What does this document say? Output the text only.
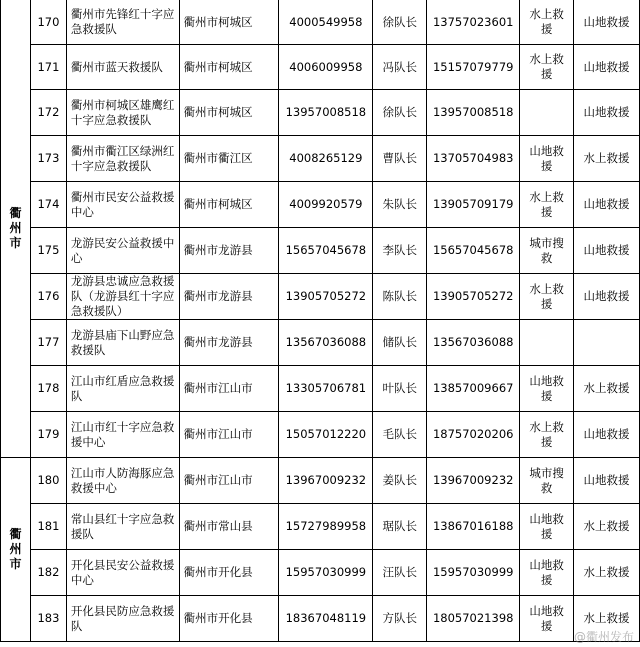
衢州市	170	衢州市先锋红十字应急救援队	衢州市柯城区	4000549958	徐队长	13757023601	水上救援	山地救援
	171	衢州市蓝天救援队	衢州市柯城区	4006009958	冯队长	15157079779	水上救援	山地救援
	172	衢州市柯城区雄鹰红十字应急救援队	衢州市柯城区	13957008518	徐队长	13957008518		山地救援
	173	衢州市衢江区绿洲红十字应急救援队	衢州市衢江区	4008265129	曹队长	13705704983	山地救援	水上救援
	174	衢州市民安公益救援中心	衢州市柯城区	4009920579	朱队长	13905709179	水上救援	山地救援
	175	龙游民安公益救援中心	衢州市龙游县	15657045678	李队长	15657045678	城市搜救	山地救援
	176	龙游县忠诚应急救援队（龙游县红十字应急救援队）	衢州市龙游县	13905705272	陈队长	13905705272	水上救援	山地救援
	177	龙游县庙下山野应急救援队	衢州市龙游县	13567036088	储队长	13567036088		
	178	江山市红盾应急救援队	衢州市江山市	13305706781	叶队长	13857009667	山地救援	水上救援
	179	江山市红十字应急救援中心	衢州市江山市	15057012220	毛队长	18757020206	水上救援	山地救援

衢州市	180	江山市人防海豚应急救援中心	衢州市江山市	13967009232	姜队长	13967009232	城市搜救	山地救援
	181	常山县红十字应急救援队	衢州市常山县	15727989958	琚队长	13867016188	山地救援	水上救援
	182	开化县民安公益救援中心	衢州市开化县	15957030999	汪队长	15957030999	山地救援	水上救援
	183	开化县民防应急救援队	衢州市开化县	18367048119	方队长	18057021398	山地救援	水上救援
@衢州发布
